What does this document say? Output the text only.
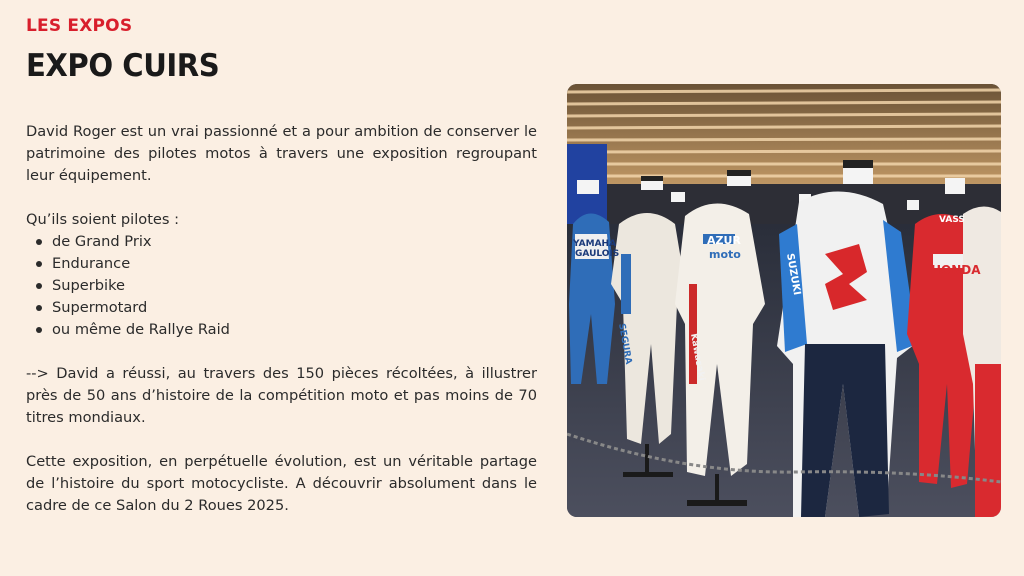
LES EXPOS
EXPO CUIRS

David Roger est un vrai passionné et a pour ambition de conserver le patrimoine des pilotes motos à travers une exposition regroupant leur équipement.

Qu’ils soient pilotes :

de Grand Prix
Endurance
Superbike
Supermotard
ou même de Rallye Raid

--> David a réussi, au travers des 150 pièces récoltées, à illustrer près de 50 ans d’histoire de la compétition moto et pas moins de 70 titres mondiaux.

Cette exposition, en perpétuelle évolution, est un véritable partage de l’histoire du sport motocycliste. A découvrir absolument dans le cadre de ce Salon du 2 Roues 2025.

YAMAHA
GAULOIS
AZUR
moto
SEGURA	Kawasaki
SUZUKI	HONDA
VASS
